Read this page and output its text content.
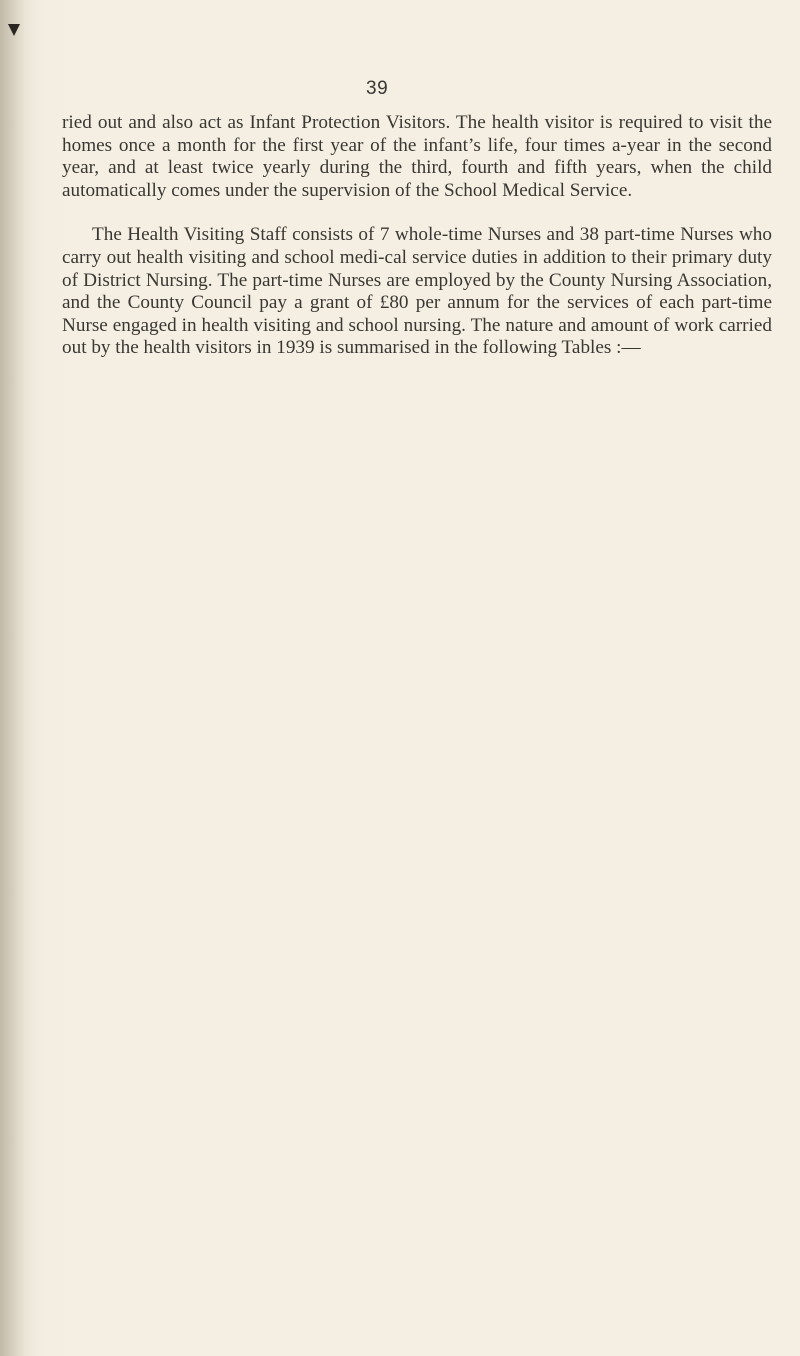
39

ried out and also act as Infant Protection Visitors. The health visitor is required to visit the homes once a month for the first year of the infant’s life, four times a-year in the second year, and at least twice yearly during the third, fourth and fifth years, when the child automatically comes under the supervision of the School Medical Service.

The Health Visiting Staff consists of 7 whole-time Nurses and 38 part-time Nurses who carry out health visiting and school medi-cal service duties in addition to their primary duty of District Nursing. The part-time Nurses are employed by the County Nursing Association, and the County Council pay a grant of £80 per annum for the services of each part-time Nurse engaged in health visiting and school nursing. The nature and amount of work carried out by the health visitors in 1939 is summarised in the following Tables :—
